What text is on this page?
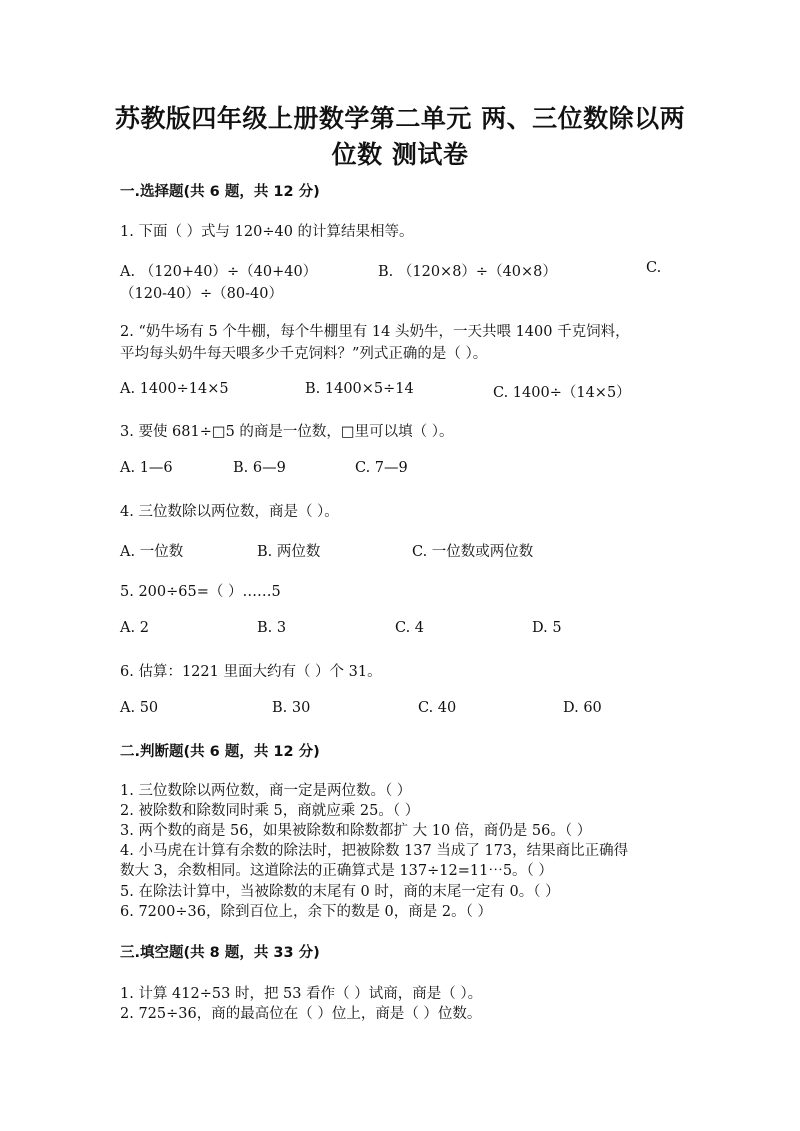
苏教版四年级上册数学第二单元 两、三位数除以两
位数 测试卷
一.选择题(共 6 题，共 12 分)
1. 下面（ ）式与 120÷40 的计算结果相等。
A. （120+40）÷（40+40）	B. （120×8）÷（40×8）	C.
（120-40）÷（80-40）
2. “奶牛场有 5 个牛棚，每个牛棚里有 14 头奶牛，一天共喂 1400 千克饲料，
平均每头奶牛每天喂多少千克饲料？”列式正确的是（ ）。
A. 1400÷14×5	B. 1400×5÷14	C. 1400÷（14×5）
3. 要使 681÷□5 的商是一位数，□里可以填（ ）。
A. 1—6	B. 6—9	C. 7—9
4. 三位数除以两位数，商是（ ）。
A. 一位数	B. 两位数	C. 一位数或两位数
5. 200÷65=（ ）……5
A. 2	B. 3	C. 4	D. 5
6. 估算：1221 里面大约有（ ）个 31。
A. 50	B. 30	C. 40	D. 60
二.判断题(共 6 题，共 12 分)
1. 三位数除以两位数，商一定是两位数。（ ）
2. 被除数和除数同时乘 5，商就应乘 25。（ ）
3. 两个数的商是 56，如果被除数和除数都扩 大 10 倍，商仍是 56。（ ）
4. 小马虎在计算有余数的除法时，把被除数 137 当成了 173，结果商比正确得
数大 3，余数相同。这道除法的正确算式是 137÷12=11⋯5。（ ）
5. 在除法计算中，当被除数的末尾有 0 时，商的末尾一定有 0。（ ）
6. 7200÷36，除到百位上，余下的数是 0，商是 2。（ ）
三.填空题(共 8 题，共 33 分)
1. 计算 412÷53 时，把 53 看作（ ）试商，商是（ ）。
2. 725÷36，商的最高位在（ ）位上，商是（ ）位数。
